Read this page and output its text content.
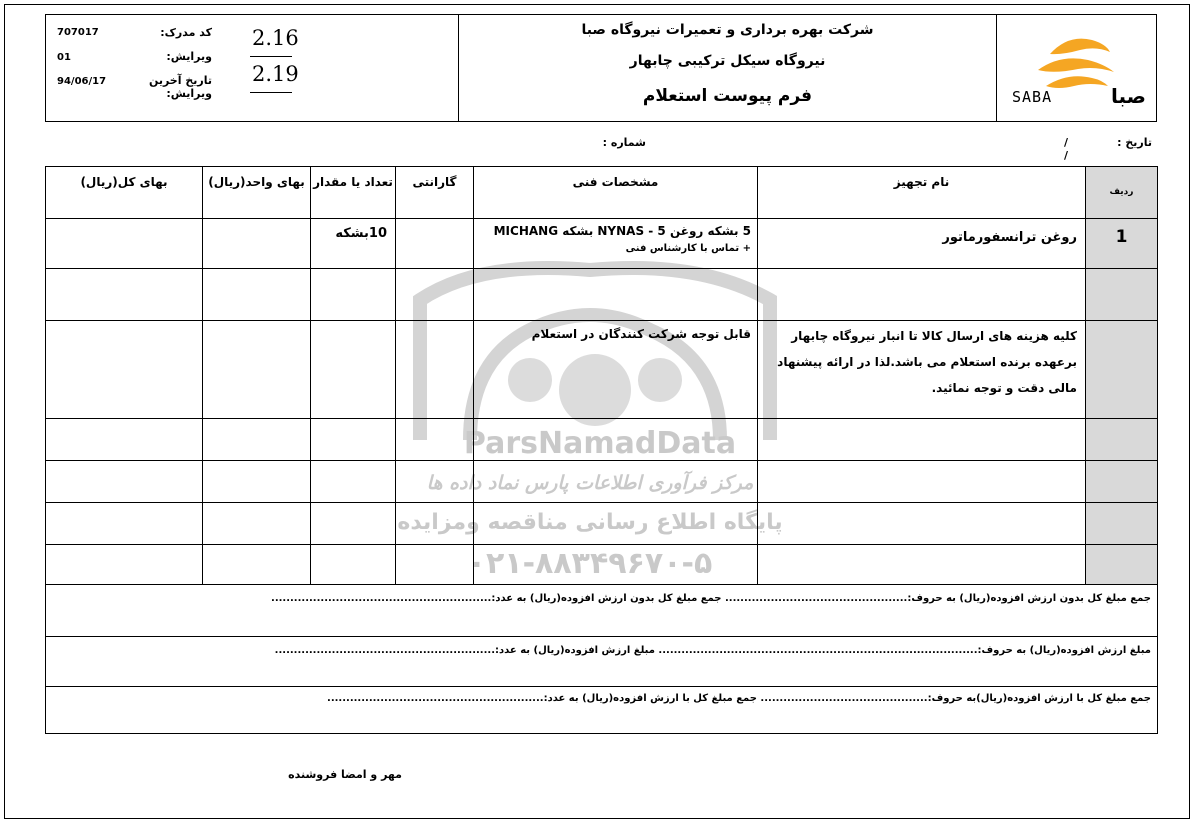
شرکت بهره برداری و تعمیرات نیروگاه صبا
نیروگاه سیکل ترکیبی چابهار
فرم پیوست استعلام	SABA	صبا
کد مدرک:
707017
ویرایش:
01
تاریخ آخرین ویرایش:
94/06/17
2.16
2.19
تاریخ :
/ /
شماره :
ParsNamadData
مرکز فرآوری اطلاعات پارس نماد داده ها
پایگاه اطلاع رسانی مناقصه ومزایده
۰۲۱-۸۸۳۴۹۶۷۰-۵
ردیف
نام تجهیز
مشخصات فنی
گارانتی
تعداد یا مقدار
بهای واحد(ریال)
بهای کل(ریال)
1
روغن ترانسفورماتور
5 بشکه روغن NYNAS - 5 بشکه MICHANG
+ تماس با کارشناس فنی
10بشکه
کلیه هزینه های ارسال کالا تا انبار نیروگاه چابهار برعهده برنده استعلام می باشد.لذا در ارائه پیشنهاد مالی دقت و توجه نمائید.
قابل توجه شرکت کنندگان در استعلام
جمع مبلغ کل بدون ارزش افزوده(ریال) به حروف:................................................ جمع مبلغ کل بدون ارزش افزوده(ریال) به عدد:..........................................................
مبلغ ارزش افزوده(ریال) به حروف:.................................................................................... مبلغ ارزش افزوده(ریال) به عدد:..........................................................
جمع مبلغ کل با ارزش افزوده(ریال)به حروف:............................................ جمع مبلغ کل با ارزش افزوده(ریال) به عدد:.........................................................
مهر و امضا فروشنده
